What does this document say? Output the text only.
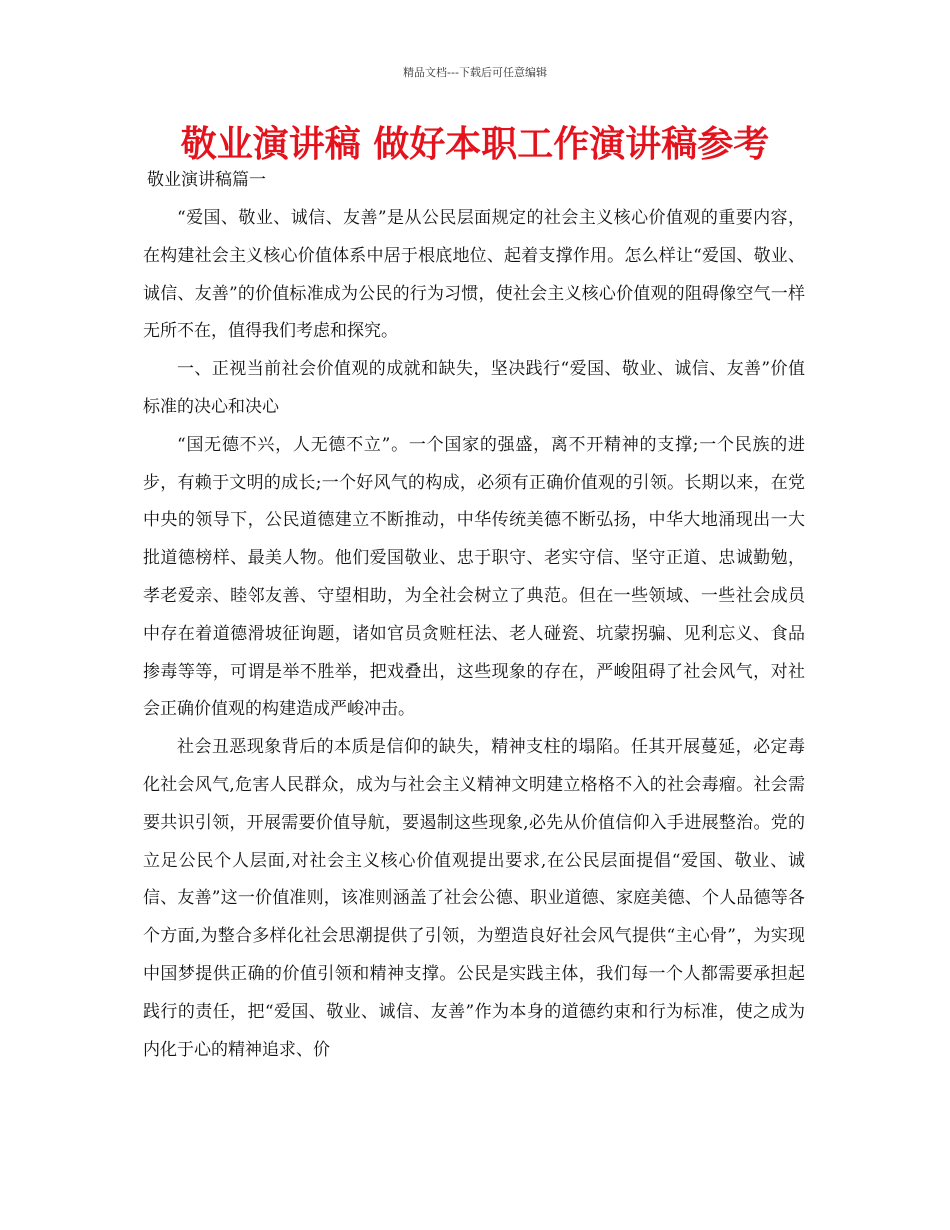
精品文档---下载后可任意编辑
敬业演讲稿 做好本职工作演讲稿参考
敬业演讲稿篇一

“爱国、敬业、诚信、友善”是从公民层面规定的社会主义核心价值观的重要内容，在构建社会主义核心价值体系中居于根底地位、起着支撑作用。怎么样让“爱国、敬业、诚信、友善”的价值标准成为公民的行为习惯，使社会主义核心价值观的阻碍像空气一样无所不在，值得我们考虑和探究。

一、正视当前社会价值观的成就和缺失，坚决践行“爱国、敬业、诚信、友善”价值标准的决心和决心

“国无德不兴，人无德不立”。一个国家的强盛，离不开精神的支撑;一个民族的进步，有赖于文明的成长;一个好风气的构成，必须有正确价值观的引领。长期以来，在党中央的领导下，公民道德建立不断推动，中华传统美德不断弘扬，中华大地涌现出一大批道德榜样、最美人物。他们爱国敬业、忠于职守、老实守信、坚守正道、忠诚勤勉，孝老爱亲、睦邻友善、守望相助，为全社会树立了典范。但在一些领域、一些社会成员中存在着道德滑坡征询题，诸如官员贪赃枉法、老人碰瓷、坑蒙拐骗、见利忘义、食品掺毒等等，可谓是举不胜举，把戏叠出，这些现象的存在，严峻阻碍了社会风气，对社会正确价值观的构建造成严峻冲击。

社会丑恶现象背后的本质是信仰的缺失，精神支柱的塌陷。任其开展蔓延，必定毒化社会风气,危害人民群众，成为与社会主义精神文明建立格格不入的社会毒瘤。社会需要共识引领，开展需要价值导航，要遏制这些现象,必先从价值信仰入手进展整治。党的立足公民个人层面,对社会主义核心价值观提出要求,在公民层面提倡“爱国、敬业、诚信、友善”这一价值准则，该准则涵盖了社会公德、职业道德、家庭美德、个人品德等各个方面,为整合多样化社会思潮提供了引领，为塑造良好社会风气提供“主心骨”，为实现中国梦提供正确的价值引领和精神支撑。公民是实践主体，我们每一个人都需要承担起践行的责任，把“爱国、敬业、诚信、友善”作为本身的道德约束和行为标准，使之成为内化于心的精神追求、价
